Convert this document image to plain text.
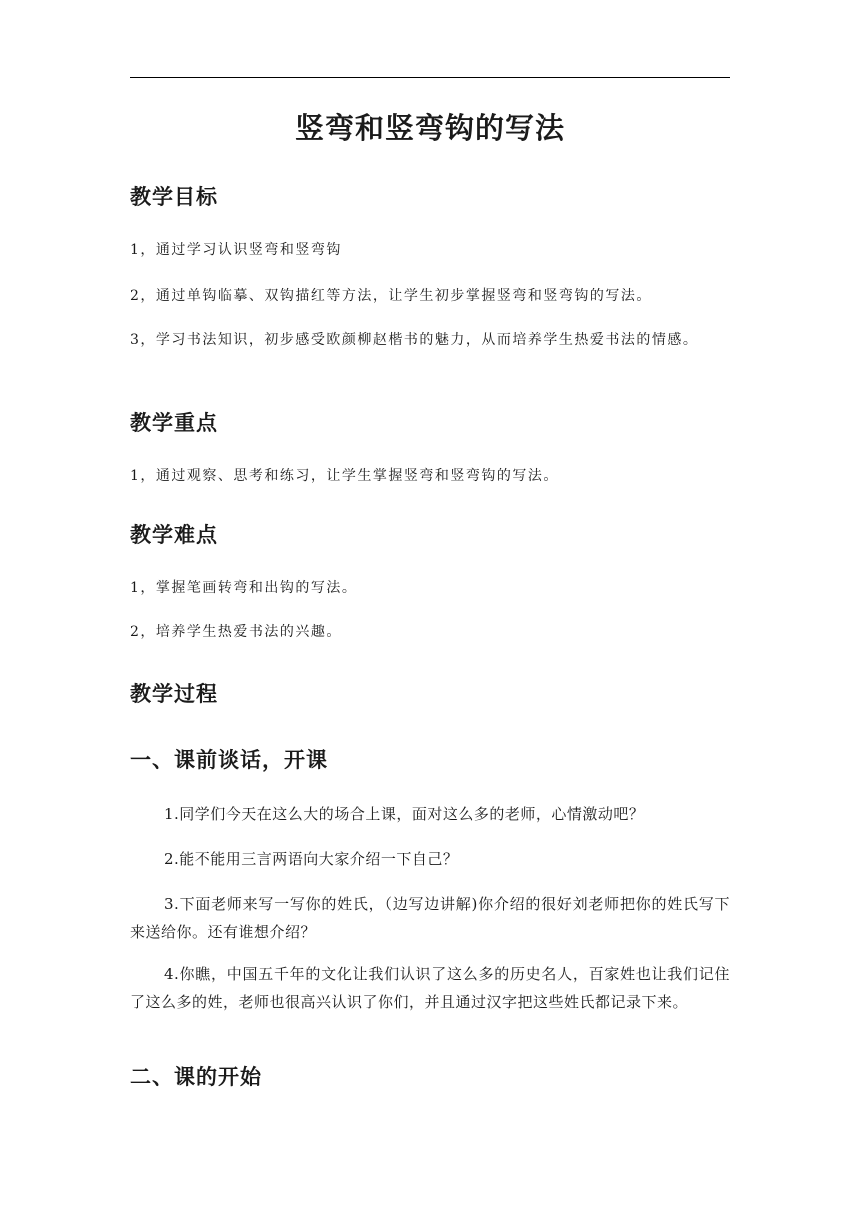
竖弯和竖弯钩的写法
教学目标
1，通过学习认识竖弯和竖弯钩
2，通过单钩临摹、双钩描红等方法，让学生初步掌握竖弯和竖弯钩的写法。
3，学习书法知识，初步感受欧颜柳赵楷书的魅力，从而培养学生热爱书法的情感。
教学重点
1，通过观察、思考和练习，让学生掌握竖弯和竖弯钩的写法。
教学难点
1，掌握笔画转弯和出钩的写法。
2，培养学生热爱书法的兴趣。
教学过程
一、课前谈话，开课
1.同学们今天在这么大的场合上课，面对这么多的老师，心情激动吧？
2.能不能用三言两语向大家介绍一下自己？
3.下面老师来写一写你的姓氏，（边写边讲解)你介绍的很好刘老师把你的姓氏写下来送给你。还有谁想介绍？
4.你瞧，中国五千年的文化让我们认识了这么多的历史名人，百家姓也让我们记住了这么多的姓，老师也很高兴认识了你们，并且通过汉字把这些姓氏都记录下来。
二、课的开始
